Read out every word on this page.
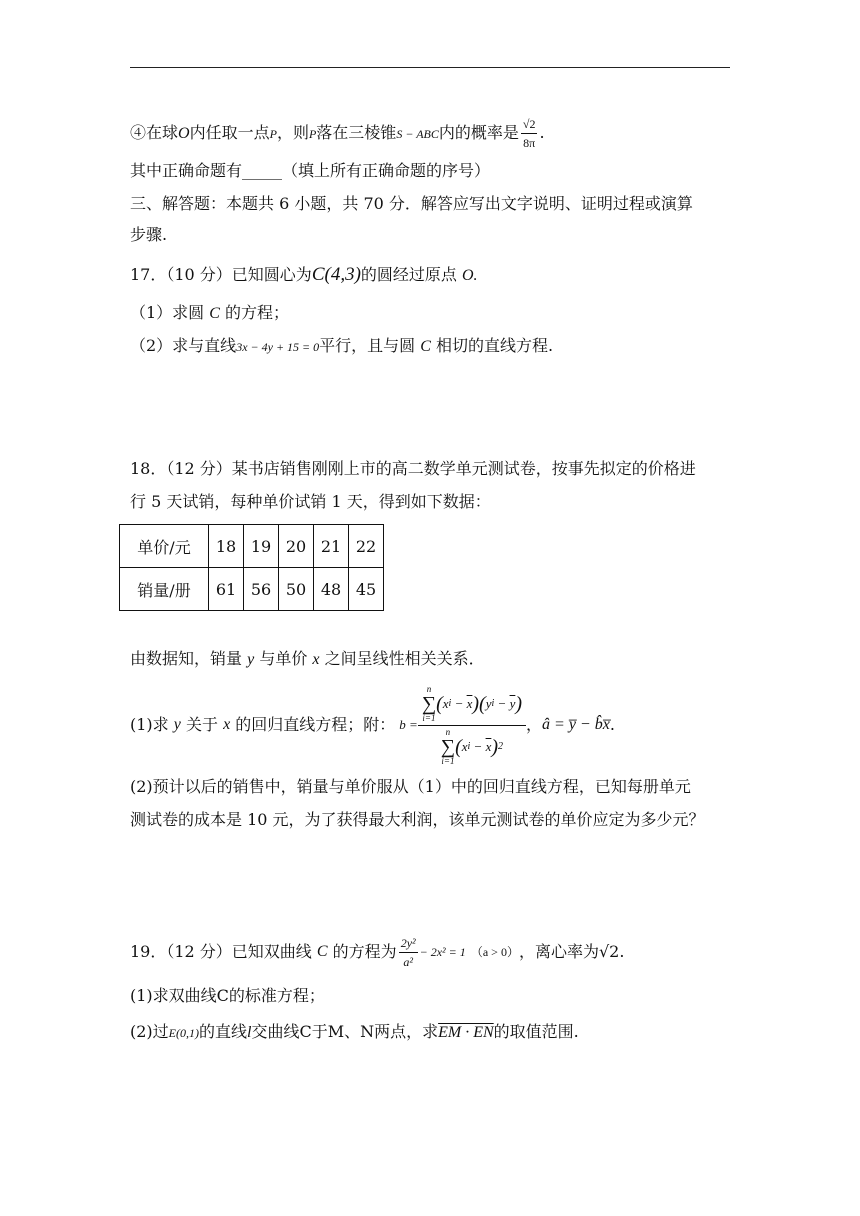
④在球O内任取一点P，则P落在三棱锥S − ABC内的概率是 $\frac{√2}{8\pi}$ .
其中正确命题有_____（填上所有正确命题的序号）
三、解答题：本题共 6 小题，共 70 分．解答应写出文字说明、证明过程或演算
步骤.
17．（10 分）已知圆心为C(4,3)的圆经过原点 O.
（1）求圆 C 的方程；
（2）求与直线3x − 4y + 15 = 0平行，且与圆 C 相切的直线方程.
18．（12 分）某书店销售刚刚上市的高二数学单元测试卷，按事先拟定的价格进
行 5 天试销，每种单价试销 1 天，得到如下数据：
单价/元	18	19	20	21	22
销量/册	61	56	50	48	45
由数据知，销量 y 与单价 x 之间呈线性相关关系．
(1)求
y
关于
x
的回归直线方程；附： b =
n
∑
i=1
( x $i - \overline{x}$ )( y $i - \overline{y}$ )
n
∑
i=1
( x $i - \overline{x}$ ) 2
， â = y̅ − b̂x̅ .
(2)预计以后的销售中，销量与单价服从（1）中的回归直线方程，已知每册单元
测试卷的成本是 10 元，为了获得最大利润，该单元测试卷的单价应定为多少元？
19．（12 分）已知双曲线
C
的方程为 $\frac{\text{2y²}}{\text{a²}} - 2x^2 = 1$
（a > 0） ，离心率为 √2 .
(1)求双曲线C的标准方程；
(2)过E(0,1)的直线l交曲线C于M、N两点，求EM · EN的取值范围.
